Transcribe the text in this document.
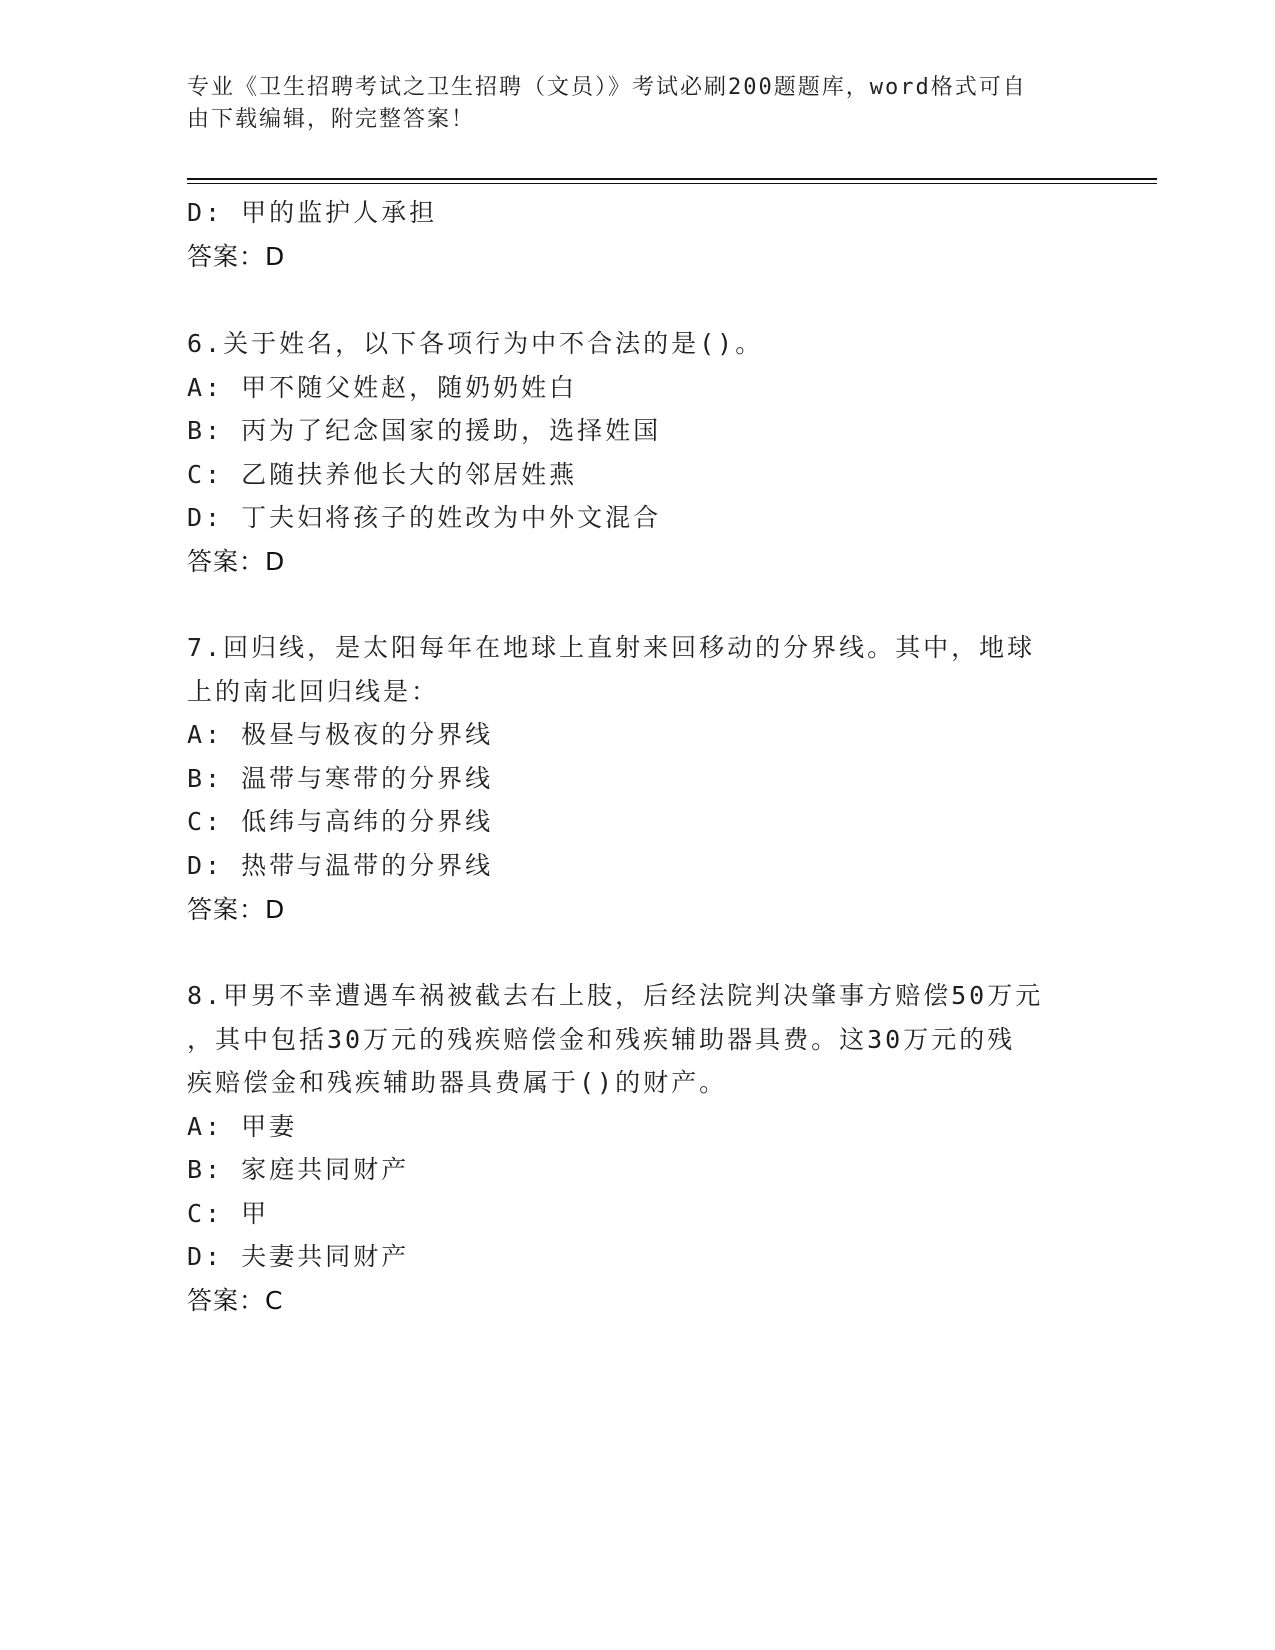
专业《卫生招聘考试之卫生招聘（文员）》考试必刷200题题库，word格式可自
由下载编辑，附完整答案！
D: 甲的监护人承担
答案：D
6.关于姓名，以下各项行为中不合法的是()。
A: 甲不随父姓赵，随奶奶姓白
B: 丙为了纪念国家的援助，选择姓国
C: 乙随扶养他长大的邻居姓燕
D: 丁夫妇将孩子的姓改为中外文混合
答案：D
7.回归线，是太阳每年在地球上直射来回移动的分界线。其中，地球
上的南北回归线是：
A: 极昼与极夜的分界线
B: 温带与寒带的分界线
C: 低纬与高纬的分界线
D: 热带与温带的分界线
答案：D
8.甲男不幸遭遇车祸被截去右上肢，后经法院判决肇事方赔偿50万元
，其中包括30万元的残疾赔偿金和残疾辅助器具费。这30万元的残
疾赔偿金和残疾辅助器具费属于()的财产。
A: 甲妻
B: 家庭共同财产
C: 甲
D: 夫妻共同财产
答案：C
